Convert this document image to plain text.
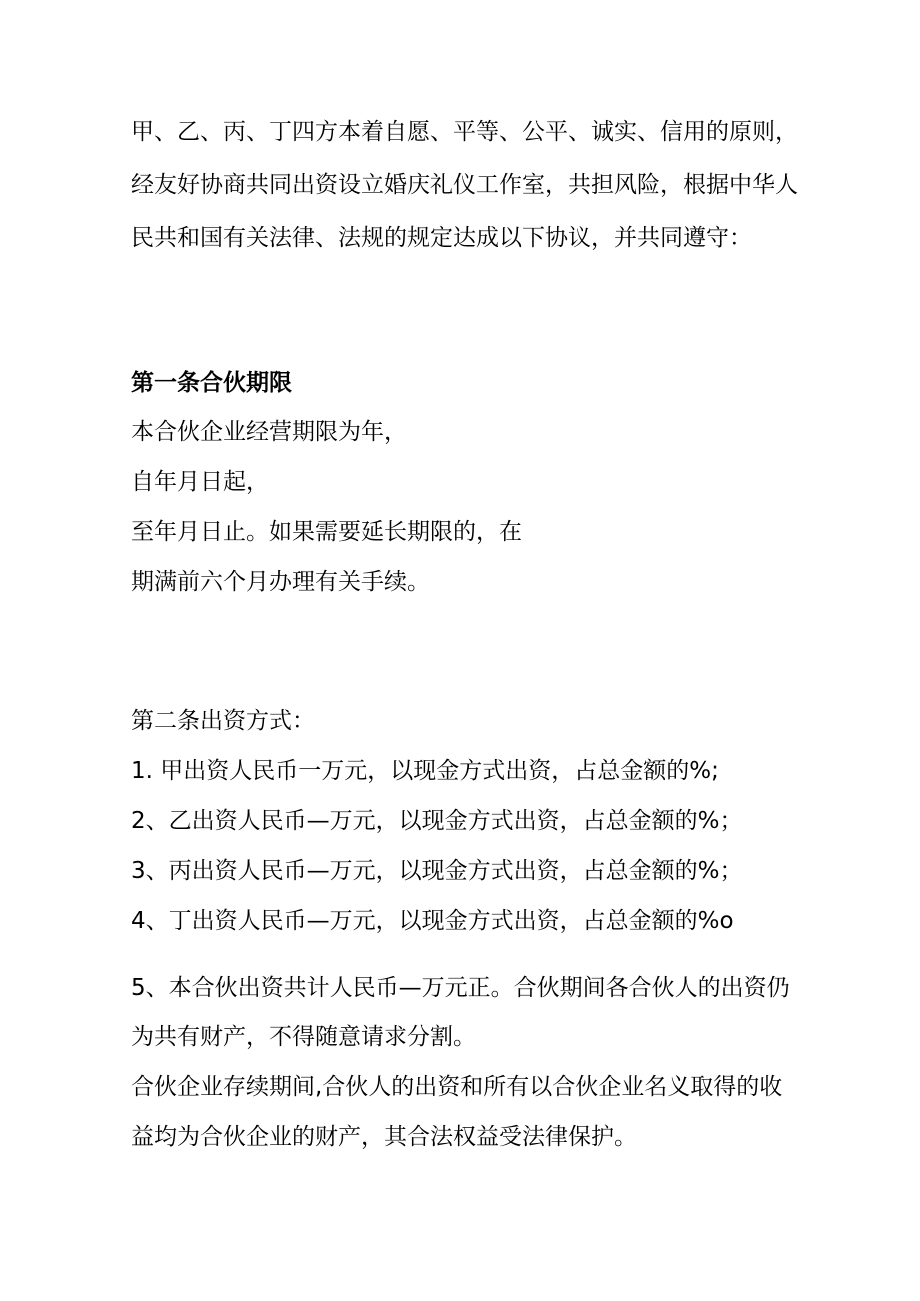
甲、乙、丙、丁四方本着自愿、平等、公平、诚实、信用的原则，
经友好协商共同出资设立婚庆礼仪工作室，共担风险，根据中华人
民共和国有关法律、法规的规定达成以下协议，并共同遵守：
第一条合伙期限
本合伙企业经营期限为年，
自年月日起，
至年月日止。如果需要延长期限的，在
期满前六个月办理有关手续。
第二条出资方式：
1. 甲出资人民币一万元，以现金方式出资，占总金额的%;
2、乙出资人民币—万元，以现金方式出资，占总金额的%；
3、丙出资人民币—万元，以现金方式出资，占总金额的%；
4、丁出资人民币—万元，以现金方式出资，占总金额的%o
5、本合伙出资共计人民币—万元正。合伙期间各合伙人的出资仍
为共有财产，不得随意请求分割。
合伙企业存续期间,合伙人的出资和所有以合伙企业名义取得的收
益均为合伙企业的财产，其合法权益受法律保护。
